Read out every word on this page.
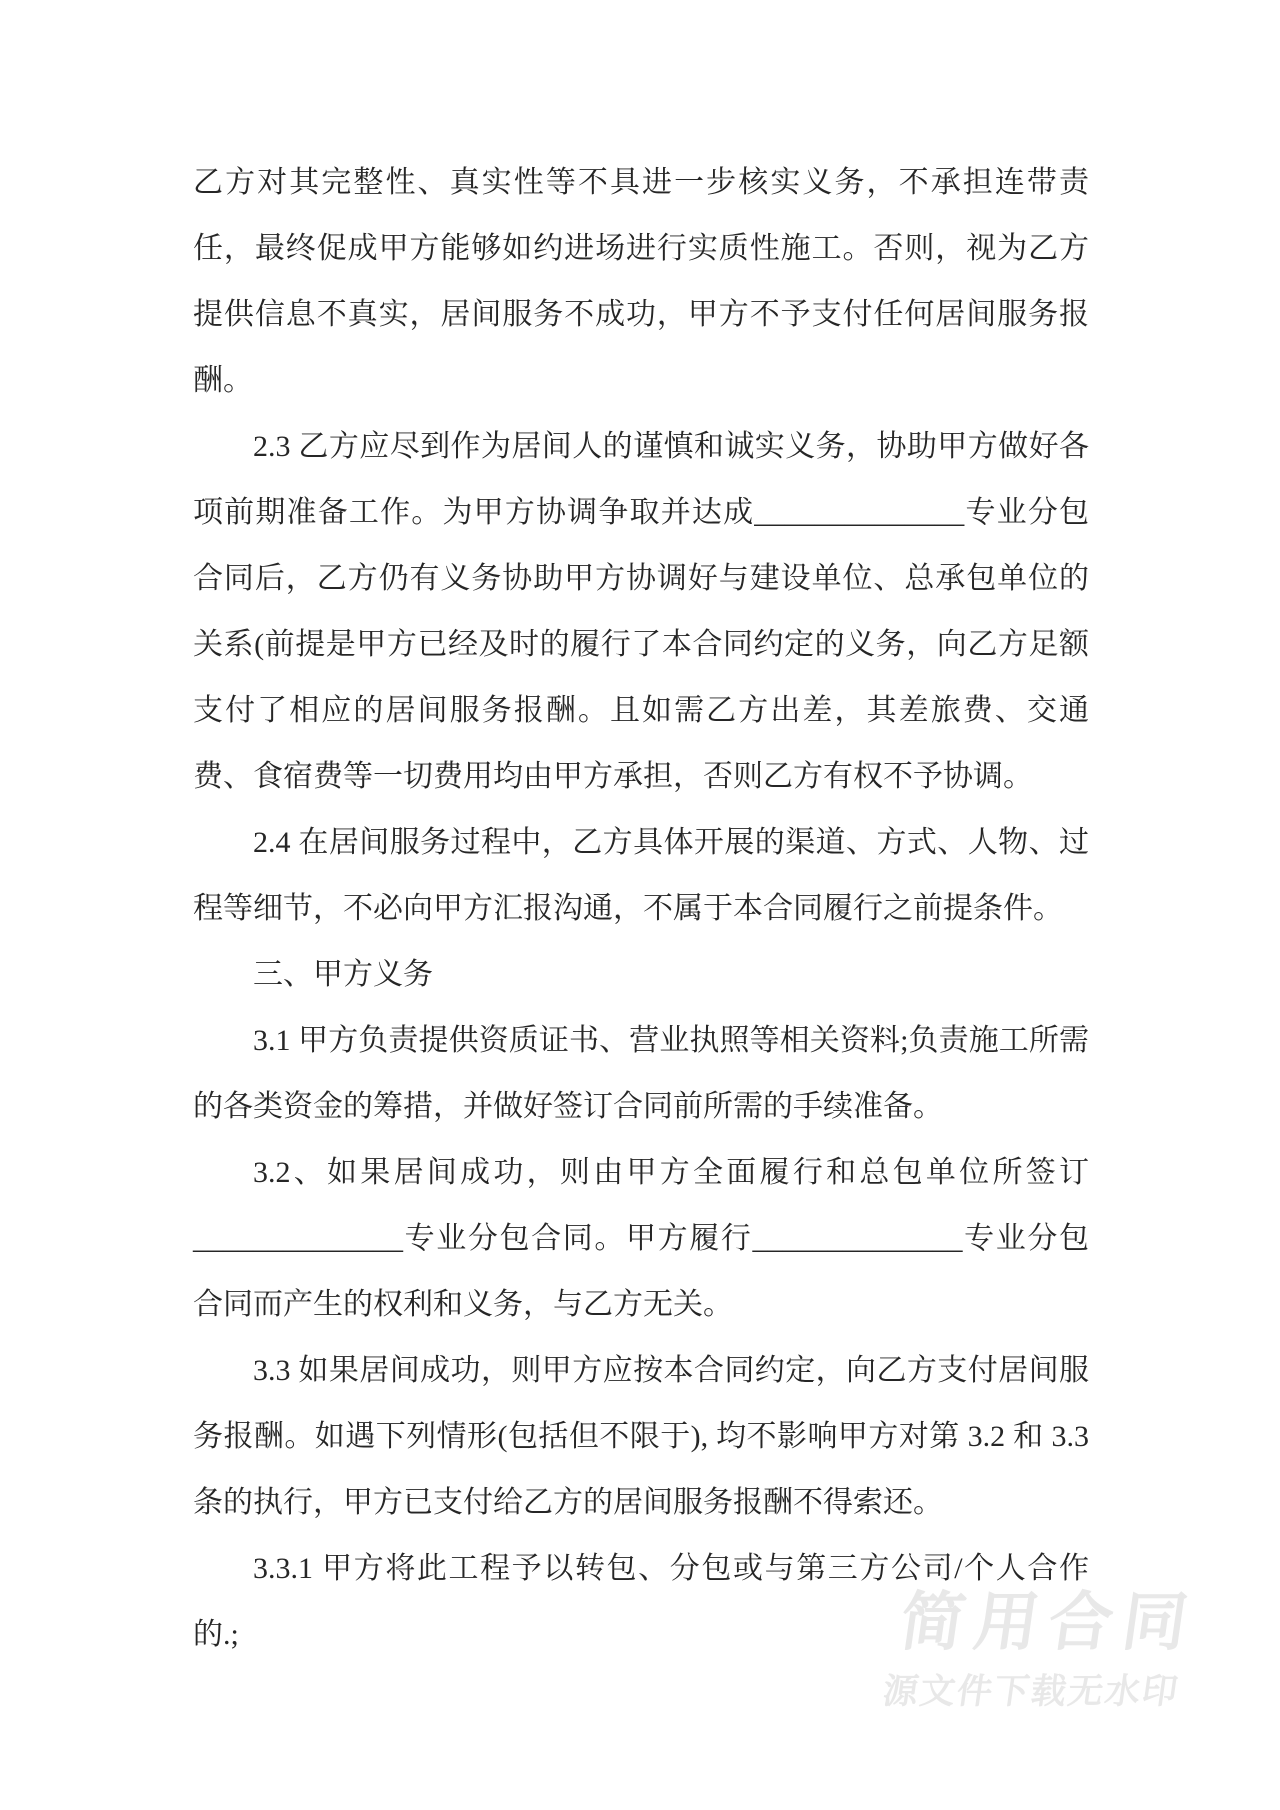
简用合同
源文件下载无水印

乙方对其完整性、真实性等不具进一步核实义务，不承担连带责任，最终促成甲方能够如约进场进行实质性施工。否则，视为乙方提供信息不真实，居间服务不成功，甲方不予支付任何居间服务报酬。

2.3 乙方应尽到作为居间人的谨慎和诚实义务，协助甲方做好各项前期准备工作。为甲方协调争取并达成______________专业分包合同后，乙方仍有义务协助甲方协调好与建设单位、总承包单位的关系(前提是甲方已经及时的履行了本合同约定的义务，向乙方足额支付了相应的居间服务报酬。且如需乙方出差，其差旅费、交通费、食宿费等一切费用均由甲方承担，否则乙方有权不予协调。

2.4 在居间服务过程中，乙方具体开展的渠道、方式、人物、过程等细节，不必向甲方汇报沟通，不属于本合同履行之前提条件。

三、甲方义务

3.1 甲方负责提供资质证书、营业执照等相关资料;负责施工所需的各类资金的筹措，并做好签订合同前所需的手续准备。

3.2、如果居间成功，则由甲方全面履行和总包单位所签订______________专业分包合同。甲方履行______________专业分包合同而产生的权利和义务，与乙方无关。

3.3 如果居间成功，则甲方应按本合同约定，向乙方支付居间服务报酬。如遇下列情形(包括但不限于), 均不影响甲方对第 3.2 和 3.3 条的执行，甲方已支付给乙方的居间服务报酬不得索还。

3.3.1 甲方将此工程予以转包、分包或与第三方公司/个人合作的.;
